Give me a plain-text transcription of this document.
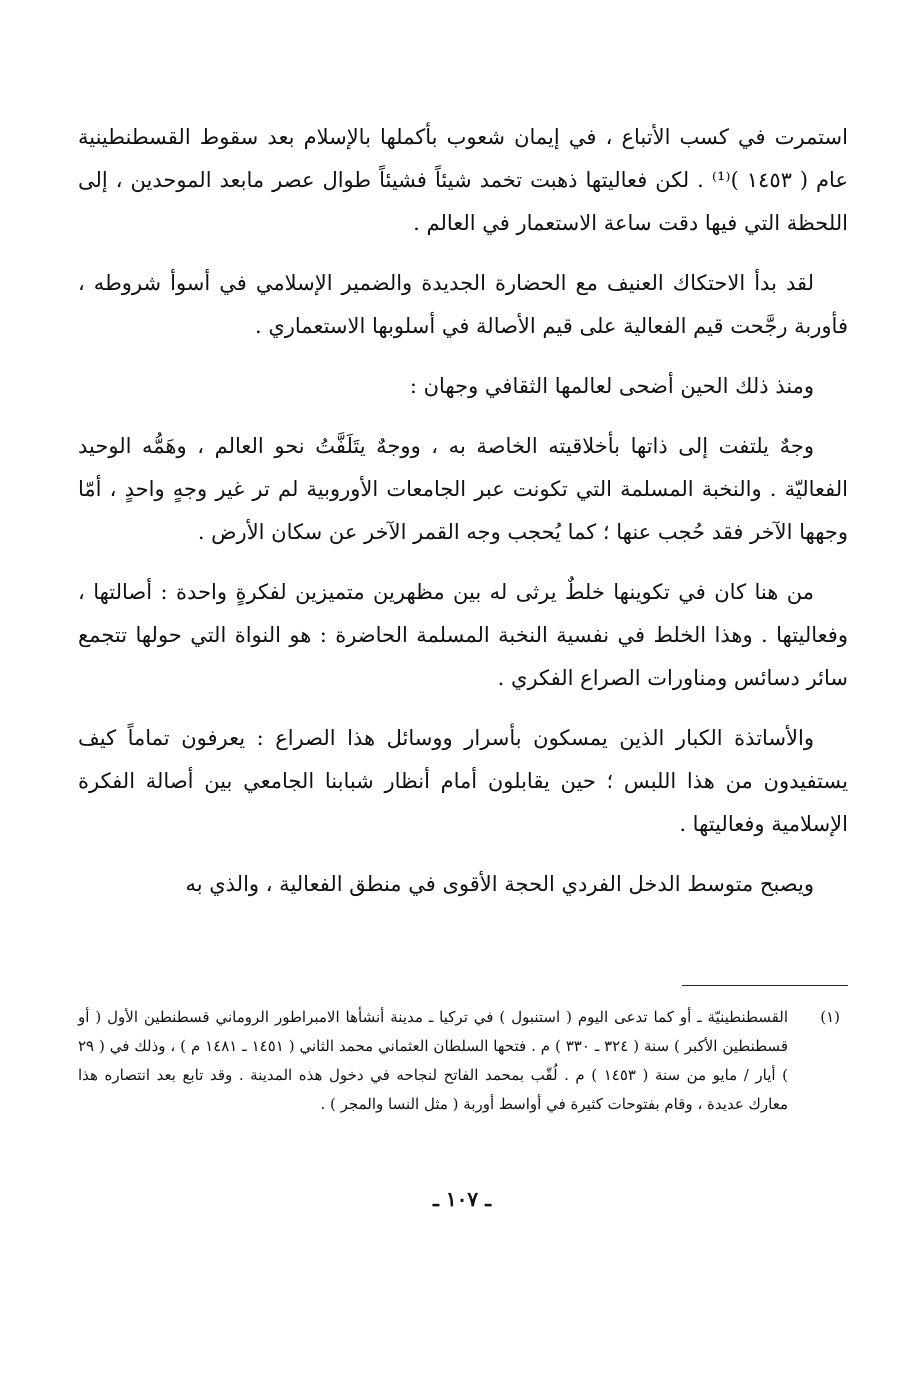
استمرت في كسب الأتباع ، في إيمان شعوب بأكملها بالإسلام بعد سقوط القسطنطينية عام ( ١٤٥٣ )⁽¹⁾ . لكن فعاليتها ذهبت تخمد شيئاً فشيئاً طوال عصر مابعد الموحدين ، إلى اللحظة التي فيها دقت ساعة الاستعمار في العالم .

لقد بدأ الاحتكاك العنيف مع الحضارة الجديدة والضمير الإسلامي في أسوأ شروطه ، فأوربة رجَّحت قيم الفعالية على قيم الأصالة في أسلوبها الاستعماري .

ومنذ ذلك الحين أضحى لعالمها الثقافي وجهان :

وجهٌ يلتفت إلى ذاتها بأخلاقيته الخاصة به ، ووجهٌ يتَلَفَّتُ نحو العالم ، وهَمُّه الوحيد الفعاليّة . والنخبة المسلمة التي تكونت عبر الجامعات الأوروبية لم تر غير وجهٍ واحدٍ ، أمّا وجهها الآخر فقد حُجب عنها ؛ كما يُحجب وجه القمر الآخر عن سكان الأرض .

من هنا كان في تكوينها خلطٌ يرثى له بين مظهرين متميزين لفكرةٍ واحدة : أصالتها ، وفعاليتها . وهذا الخلط في نفسية النخبة المسلمة الحاضرة : هو النواة التي حولها تتجمع سائر دسائس ومناورات الصراع الفكري .

والأساتذة الكبار الذين يمسكون بأسرار ووسائل هذا الصراع : يعرفون تماماً كيف يستفيدون من هذا اللبس ؛ حين يقابلون أمام أنظار شبابنا الجامعي بين أصالة الفكرة الإسلامية وفعاليتها .

ويصبح متوسط الدخل الفردي الحجة الأقوى في منطق الفعالية ، والذي به

(١)

القسطنطينيّة ـ أو كما تدعى اليوم ( استنبول ) في تركيا ـ مدينة أنشأها الامبراطور الروماني قسطنطين الأول ( أو قسطنطين الأكبر ) سنة ( ٣٢٤ ـ ٣٣٠ ) م . فتحها السلطان العثماني محمد الثاني ( ١٤٥١ ـ ١٤٨١ م ) ، وذلك في ( ٢٩ ) أيار / مايو من سنة ( ١٤٥٣ ) م . لُقّب بمحمد الفاتح لنجاحه في دخول هذه المدينة . وقد تابع بعد انتصاره هذا معارك عديدة ، وقام بفتوحات كثيرة في أواسط أوربة ( مثل النسا والمجر ) .

ـ ١٠٧ ـ
